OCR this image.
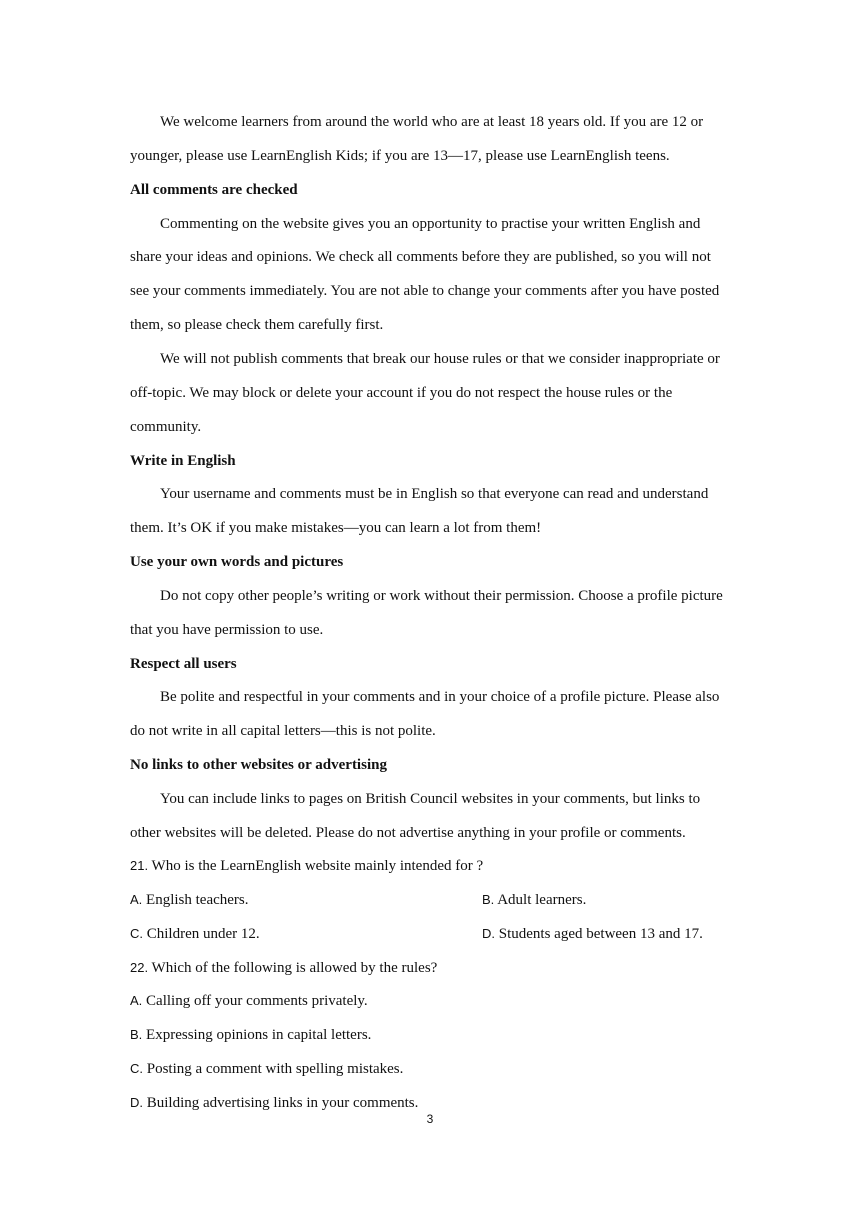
We welcome learners from around the world who are at least 18 years old. If you are 12 or
younger, please use LearnEnglish Kids; if you are 13—17, please use LearnEnglish teens.
All comments are checked
Commenting on the website gives you an opportunity to practise your written English and
share your ideas and opinions. We check all comments before they are published, so you will not
see your comments immediately. You are not able to change your comments after you have posted
them, so please check them carefully first.
We will not publish comments that break our house rules or that we consider inappropriate or
off-topic. We may block or delete your account if you do not respect the house rules or the
community.
Write in English
Your username and comments must be in English so that everyone can read and understand
them. It’s OK if you make mistakes—you can learn a lot from them!
Use your own words and pictures
Do not copy other people’s writing or work without their permission. Choose a profile picture
that you have permission to use.
Respect all users
Be polite and respectful in your comments and in your choice of a profile picture. Please also
do not write in all capital letters—this is not polite.
No links to other websites or advertising
You can include links to pages on British Council websites in your comments, but links to
other websites will be deleted. Please do not advertise anything in your profile or comments.
21. Who is the LearnEnglish website mainly intended for ?
A. English teachers.	B. Adult learners.
C. Children under 12.	D. Students aged between 13 and 17.
22. Which of the following is allowed by the rules?
A. Calling off your comments privately.
B. Expressing opinions in capital letters.
C. Posting a comment with spelling mistakes.
D. Building advertising links in your comments.
3
